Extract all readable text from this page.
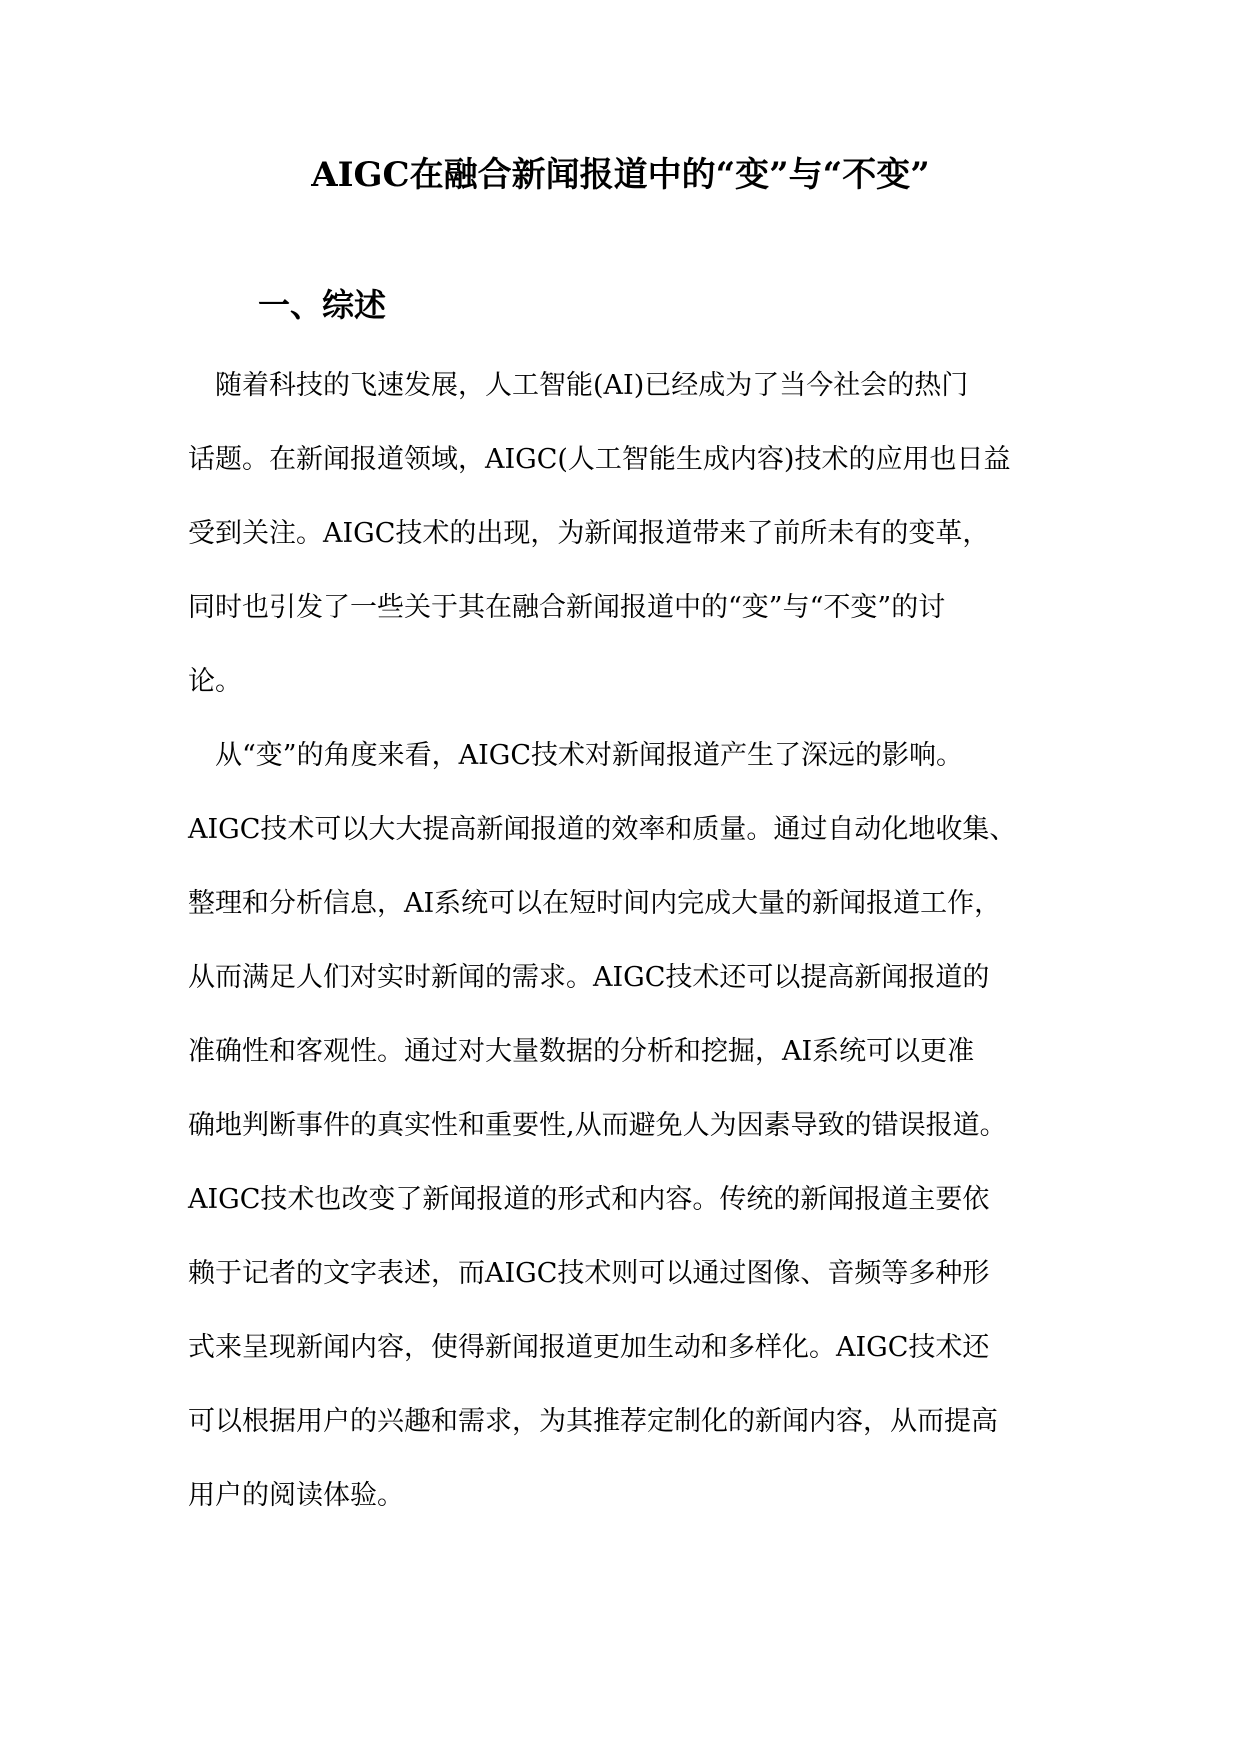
AIGC在融合新闻报道中的“变”与“不变”
一、综述
　随着科技的飞速发展，人工智能(AI)已经成为了当今社会的热门
话题。在新闻报道领域，AIGC(人工智能生成内容)技术的应用也日益
受到关注。AIGC技术的出现，为新闻报道带来了前所未有的变革，
同时也引发了一些关于其在融合新闻报道中的“变”与“不变”的讨
论。
　从“变”的角度来看，AIGC技术对新闻报道产生了深远的影响。
AIGC技术可以大大提高新闻报道的效率和质量。通过自动化地收集、
整理和分析信息，AI系统可以在短时间内完成大量的新闻报道工作，
从而满足人们对实时新闻的需求。AIGC技术还可以提高新闻报道的
准确性和客观性。通过对大量数据的分析和挖掘，AI系统可以更准
确地判断事件的真实性和重要性,从而避免人为因素导致的错误报道。
AIGC技术也改变了新闻报道的形式和内容。传统的新闻报道主要依
赖于记者的文字表述，而AIGC技术则可以通过图像、音频等多种形
式来呈现新闻内容，使得新闻报道更加生动和多样化。AIGC技术还
可以根据用户的兴趣和需求，为其推荐定制化的新闻内容，从而提高
用户的阅读体验。
